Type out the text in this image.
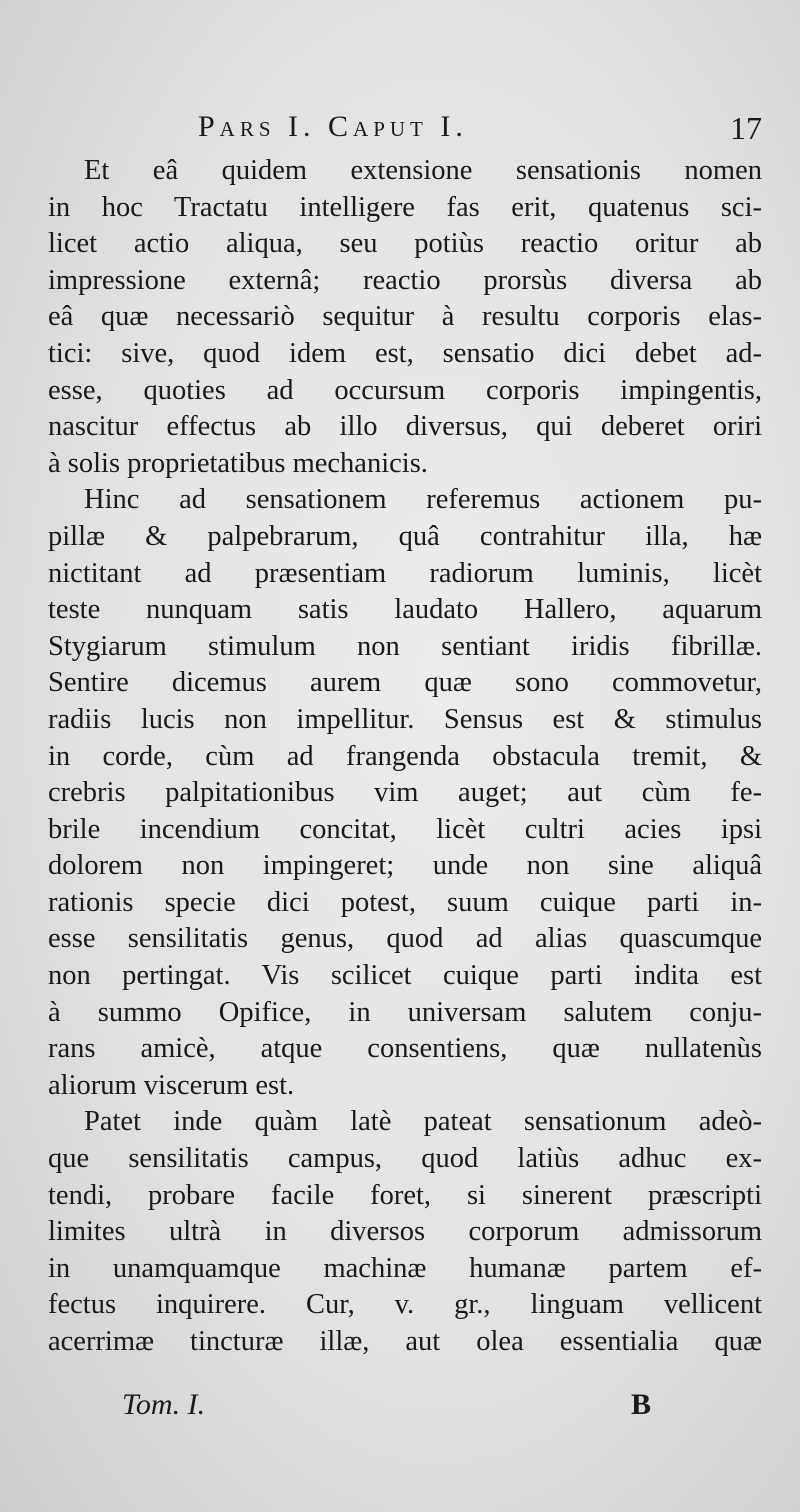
Pars I. Caput I.	17

Et eâ quidem extensione sensationis nomen
in hoc Tractatu intelligere fas erit, quatenus sci-
licet actio aliqua, seu potiùs reactio oritur ab
impressione externâ; reactio prorsùs diversa ab
eâ quæ necessariò sequitur à resultu corporis elas-
tici: sive, quod idem est, sensatio dici debet ad-
esse, quoties ad occursum corporis impingentis,
nascitur effectus ab illo diversus, qui deberet oriri
à solis proprietatibus mechanicis.

Hinc ad sensationem referemus actionem pu-
pillæ & palpebrarum, quâ contrahitur illa, hæ
nictitant ad præsentiam radiorum luminis, licèt
teste nunquam satis laudato Hallero, aquarum
Stygiarum stimulum non sentiant iridis fibrillæ.
Sentire dicemus aurem quæ sono commovetur,
radiis lucis non impellitur. Sensus est & stimulus
in corde, cùm ad frangenda obstacula tremit, &
crebris palpitationibus vim auget; aut cùm fe-
brile incendium concitat, licèt cultri acies ipsi
dolorem non impingeret; unde non sine aliquâ
rationis specie dici potest, suum cuique parti in-
esse sensilitatis genus, quod ad alias quascumque
non pertingat. Vis scilicet cuique parti indita est
à summo Opifice, in universam salutem conju-
rans amicè, atque consentiens, quæ nullatenùs
aliorum viscerum est.

Patet inde quàm latè pateat sensationum adeò-
que sensilitatis campus, quod latiùs adhuc ex-
tendi, probare facile foret, si sinerent præscripti
limites ultrà in diversos corporum admissorum
in unamquamque machinæ humanæ partem ef-
fectus inquirere. Cur, v. gr., linguam vellicent
acerrimæ tincturæ illæ, aut olea essentialia quæ

Tom. I.	B
